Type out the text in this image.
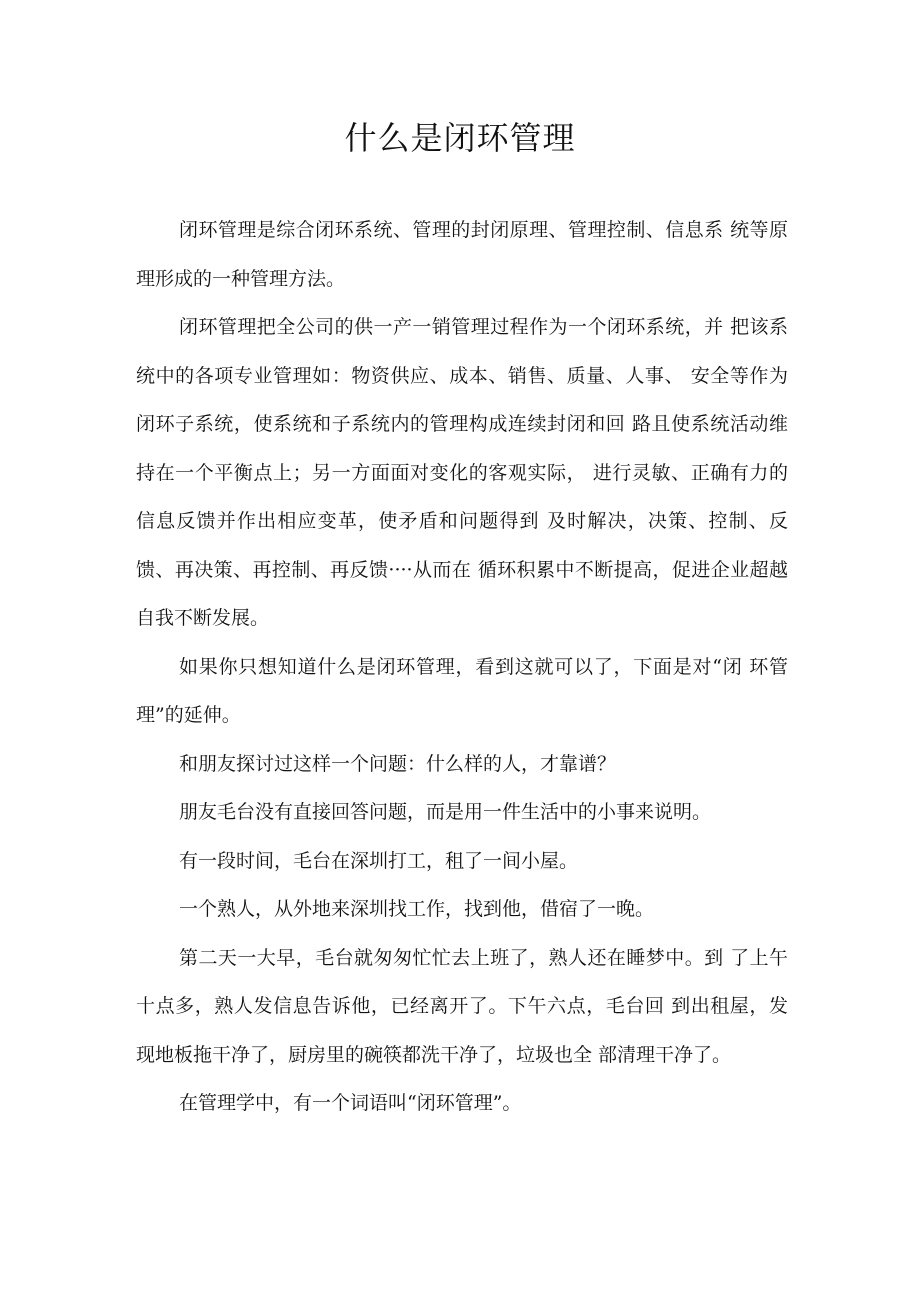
什么是闭环管理

闭环管理是综合闭环系统、管理的封闭原理、管理控制、信息系 统等原理形成的一种管理方法。

闭环管理把全公司的供一产一销管理过程作为一个闭环系统，并 把该系统中的各项专业管理如：物资供应、成本、销售、质量、人事、 安全等作为闭环子系统，使系统和子系统内的管理构成连续封闭和回 路且使系统活动维持在一个平衡点上；另一方面面对变化的客观实际， 进行灵敏、正确有力的信息反馈并作出相应变革，使矛盾和问题得到 及时解决，决策、控制、反馈、再决策、再控制、再反馈····从而在 循环积累中不断提高，促进企业超越自我不断发展。

如果你只想知道什么是闭环管理，看到这就可以了，下面是对“闭 环管理”的延伸。

和朋友探讨过这样一个问题：什么样的人，才靠谱？

朋友毛台没有直接回答问题，而是用一件生活中的小事来说明。

有一段时间，毛台在深圳打工，租了一间小屋。

一个熟人，从外地来深圳找工作，找到他，借宿了一晚。

第二天一大早，毛台就匆匆忙忙去上班了，熟人还在睡梦中。到 了上午十点多，熟人发信息告诉他，已经离开了。下午六点，毛台回 到出租屋，发现地板拖干净了，厨房里的碗筷都洗干净了，垃圾也全 部清理干净了。

在管理学中，有一个词语叫“闭环管理”。
